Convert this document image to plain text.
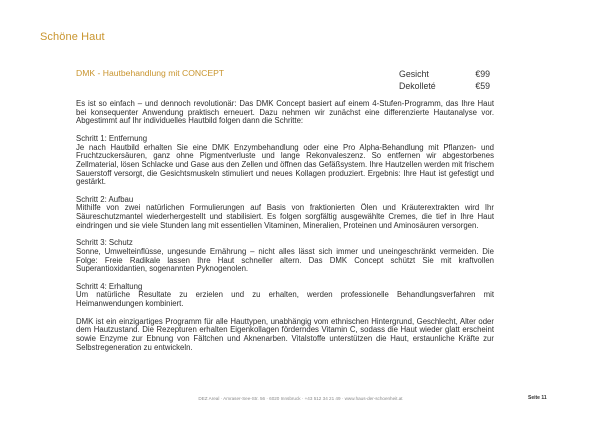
Schöne Haut
DMK - Hautbehandlung mit CONCEPT	Gesicht	€99
Dekolleté	€59

Es ist so einfach – und dennoch revolutionär: Das DMK Concept basiert auf einem 4-Stufen-Programm, das Ihre Haut bei konsequenter Anwendung praktisch erneuert. Dazu nehmen wir zunächst eine differenzierte Hautanalyse vor. Abgestimmt auf Ihr individuelles Hautbild folgen dann die Schritte:

Schritt 1: Entfernung
Je nach Hautbild erhalten Sie eine DMK Enzymbehandlung oder eine Pro Alpha-Behandlung mit Pflanzen- und Fruchtzuckersäuren, ganz ohne Pigmentverluste und lange Rekonvaleszenz. So entfernen wir abgestorbenes Zellmaterial, lösen Schlacke und Gase aus den Zellen und öffnen das Gefäßsystem. Ihre Hautzellen werden mit frischem Sauerstoff versorgt, die Gesichtsmuskeln stimuliert und neues Kollagen produziert. Ergebnis: Ihre Haut ist gefestigt und gestärkt.

Schritt 2: Aufbau
Mithilfe von zwei natürlichen Formulierungen auf Basis von fraktionierten Ölen und Kräuterextrakten wird Ihr Säureschutzmantel wiederhergestellt und stabilisiert. Es folgen sorgfältig ausgewählte Cremes, die tief in Ihre Haut eindringen und sie viele Stunden lang mit essentiellen Vitaminen, Mineralien, Proteinen und Aminosäuren versorgen.

Schritt 3: Schutz
Sonne, Umwelteinflüsse, ungesunde Ernährung – nicht alles lässt sich immer und uneingeschränkt vermeiden. Die Folge: Freie Radikale lassen Ihre Haut schneller altern. Das DMK Concept schützt Sie mit kraftvollen Superantioxidantien, sogenannten Pyknogenolen.

Schritt 4: Erhaltung
Um natürliche Resultate zu erzielen und zu erhalten, werden professionelle Behandlungsverfahren mit Heimanwendungen kombiniert.

DMK ist ein einzigartiges Programm für alle Hauttypen, unabhängig vom ethnischen Hintergrund, Geschlecht, Alter oder dem Hautzustand. Die Rezepturen erhalten Eigenkollagen förderndes Vitamin C, sodass die Haut wieder glatt erscheint sowie Enzyme zur Ebnung von Fältchen und Aknenarben. Vitalstoffe unterstützen die Haut, erstaunliche Kräfte zur Selbstregeneration zu entwickeln.

DEZ Areal · Amraser-See-Str. 56 · 6020 Innsbruck · +43 512 34 21 49 · www.haus-der-schoenheit.at	Seite 11
